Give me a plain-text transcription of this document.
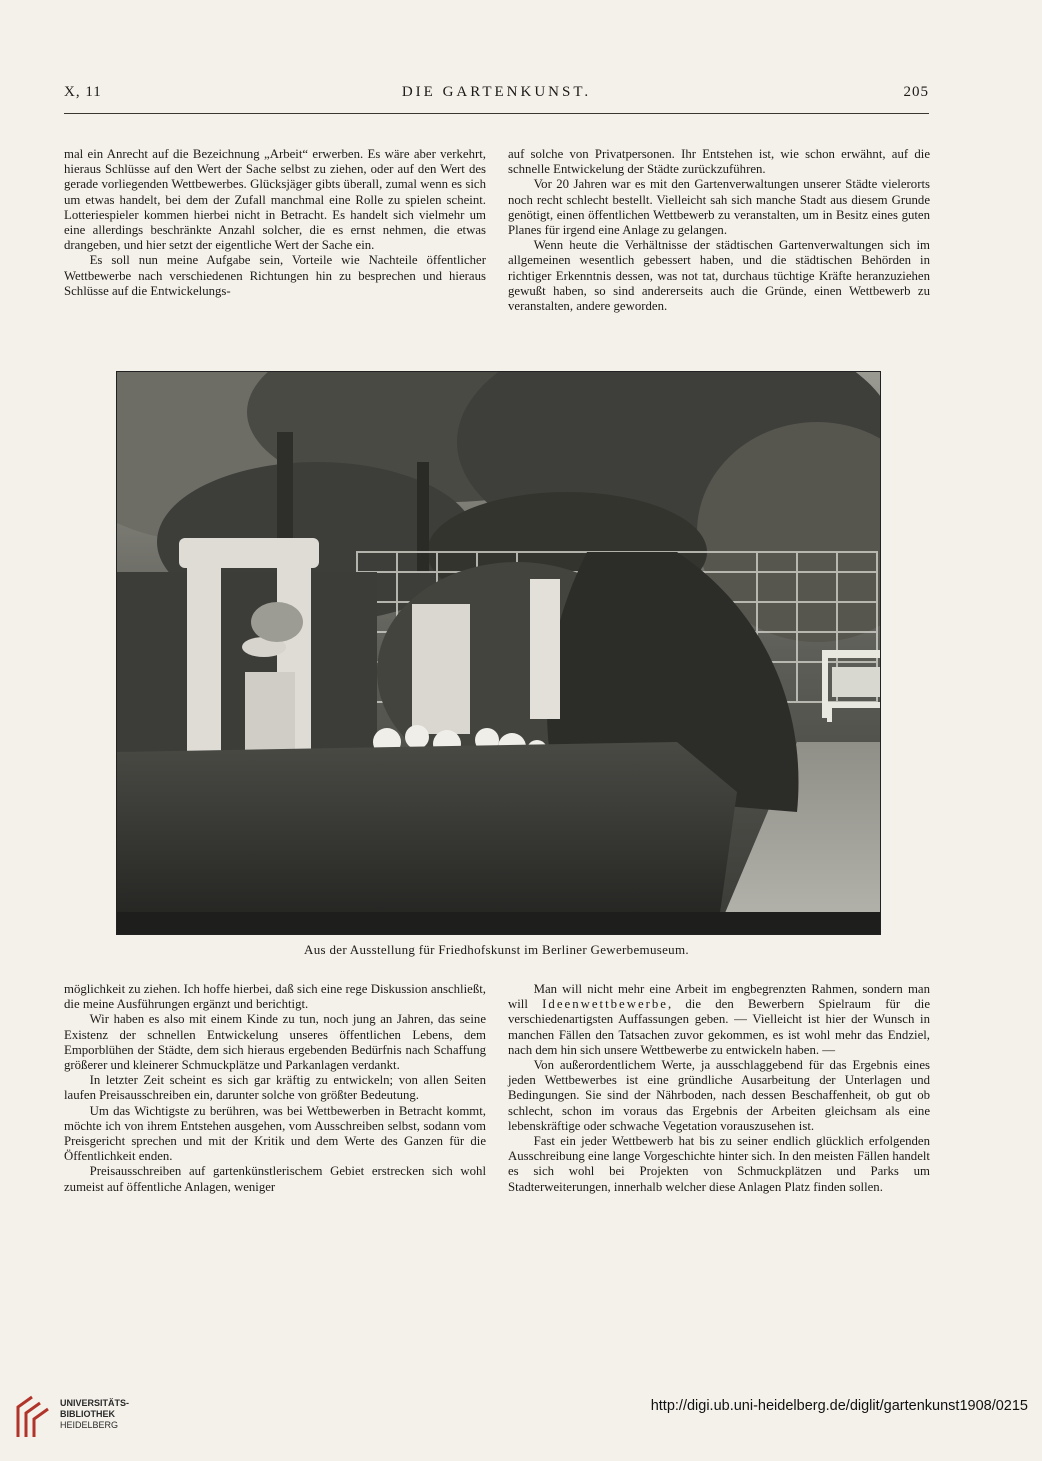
X, 11	DIE GARTENKUNST.	205

mal ein Anrecht auf die Bezeichnung „Arbeit“ erwerben. Es wäre aber verkehrt, hieraus Schlüsse auf den Wert der Sache selbst zu ziehen, oder auf den Wert des gerade vorliegenden Wettbewerbes. Glücksjäger gibts überall, zumal wenn es sich um etwas handelt, bei dem der Zufall manchmal eine Rolle zu spielen scheint. Lotteriespieler kommen hierbei nicht in Betracht. Es handelt sich vielmehr um eine allerdings beschränkte Anzahl solcher, die es ernst nehmen, die etwas drangeben, und hier setzt der eigentliche Wert der Sache ein.

Es soll nun meine Aufgabe sein, Vorteile wie Nachteile öffentlicher Wettbewerbe nach verschiedenen Richtungen hin zu besprechen und hieraus Schlüsse auf die Entwickelungs-

auf solche von Privatpersonen. Ihr Entstehen ist, wie schon erwähnt, auf die schnelle Entwickelung der Städte zurückzuführen.

Vor 20 Jahren war es mit den Gartenverwaltungen unserer Städte vielerorts noch recht schlecht bestellt. Vielleicht sah sich manche Stadt aus diesem Grunde genötigt, einen öffentlichen Wettbewerb zu veranstalten, um in Besitz eines guten Planes für irgend eine Anlage zu gelangen.

Wenn heute die Verhältnisse der städtischen Gartenverwaltungen sich im allgemeinen wesentlich gebessert haben, und die städtischen Behörden in richtiger Erkenntnis dessen, was not tat, durchaus tüchtige Kräfte heranzuziehen gewußt haben, so sind andererseits auch die Gründe, einen Wettbewerb zu veranstalten, andere geworden.

Aus der Ausstellung für Friedhofskunst im Berliner Gewerbemuseum.

möglichkeit zu ziehen. Ich hoffe hierbei, daß sich eine rege Diskussion anschließt, die meine Ausführungen ergänzt und berichtigt.

Wir haben es also mit einem Kinde zu tun, noch jung an Jahren, das seine Existenz der schnellen Entwickelung unseres öffentlichen Lebens, dem Emporblühen der Städte, dem sich hieraus ergebenden Bedürfnis nach Schaffung größerer und kleinerer Schmuckplätze und Parkanlagen verdankt.

In letzter Zeit scheint es sich gar kräftig zu entwickeln; von allen Seiten laufen Preisausschreiben ein, darunter solche von größter Bedeutung.

Um das Wichtigste zu berühren, was bei Wettbewerben in Betracht kommt, möchte ich von ihrem Entstehen ausgehen, vom Ausschreiben selbst, sodann vom Preisgericht sprechen und mit der Kritik und dem Werte des Ganzen für die Öffentlichkeit enden.

Preisausschreiben auf gartenkünstlerischem Gebiet erstrecken sich wohl zumeist auf öffentliche Anlagen, weniger

Man will nicht mehr eine Arbeit im engbegrenzten Rahmen, sondern man will Ideenwettbewerbe, die den Bewerbern Spielraum für die verschiedenartigsten Auffassungen geben. — Vielleicht ist hier der Wunsch in manchen Fällen den Tatsachen zuvor gekommen, es ist wohl mehr das Endziel, nach dem hin sich unsere Wettbewerbe zu entwickeln haben. —

Von außerordentlichem Werte, ja ausschlaggebend für das Ergebnis eines jeden Wettbewerbes ist eine gründliche Ausarbeitung der Unterlagen und Bedingungen. Sie sind der Nährboden, nach dessen Beschaffenheit, ob gut ob schlecht, schon im voraus das Ergebnis der Arbeiten gleichsam als eine lebenskräftige oder schwache Vegetation vorauszusehen ist.

Fast ein jeder Wettbewerb hat bis zu seiner endlich glücklich erfolgenden Ausschreibung eine lange Vorgeschichte hinter sich. In den meisten Fällen handelt es sich wohl bei Projekten von Schmuckplätzen und Parks um Stadterweiterungen, innerhalb welcher diese Anlagen Platz finden sollen.

UNIVERSITÄTS-
BIBLIOTHEK
HEIDELBERG
http://digi.ub.uni-heidelberg.de/diglit/gartenkunst1908/0215
